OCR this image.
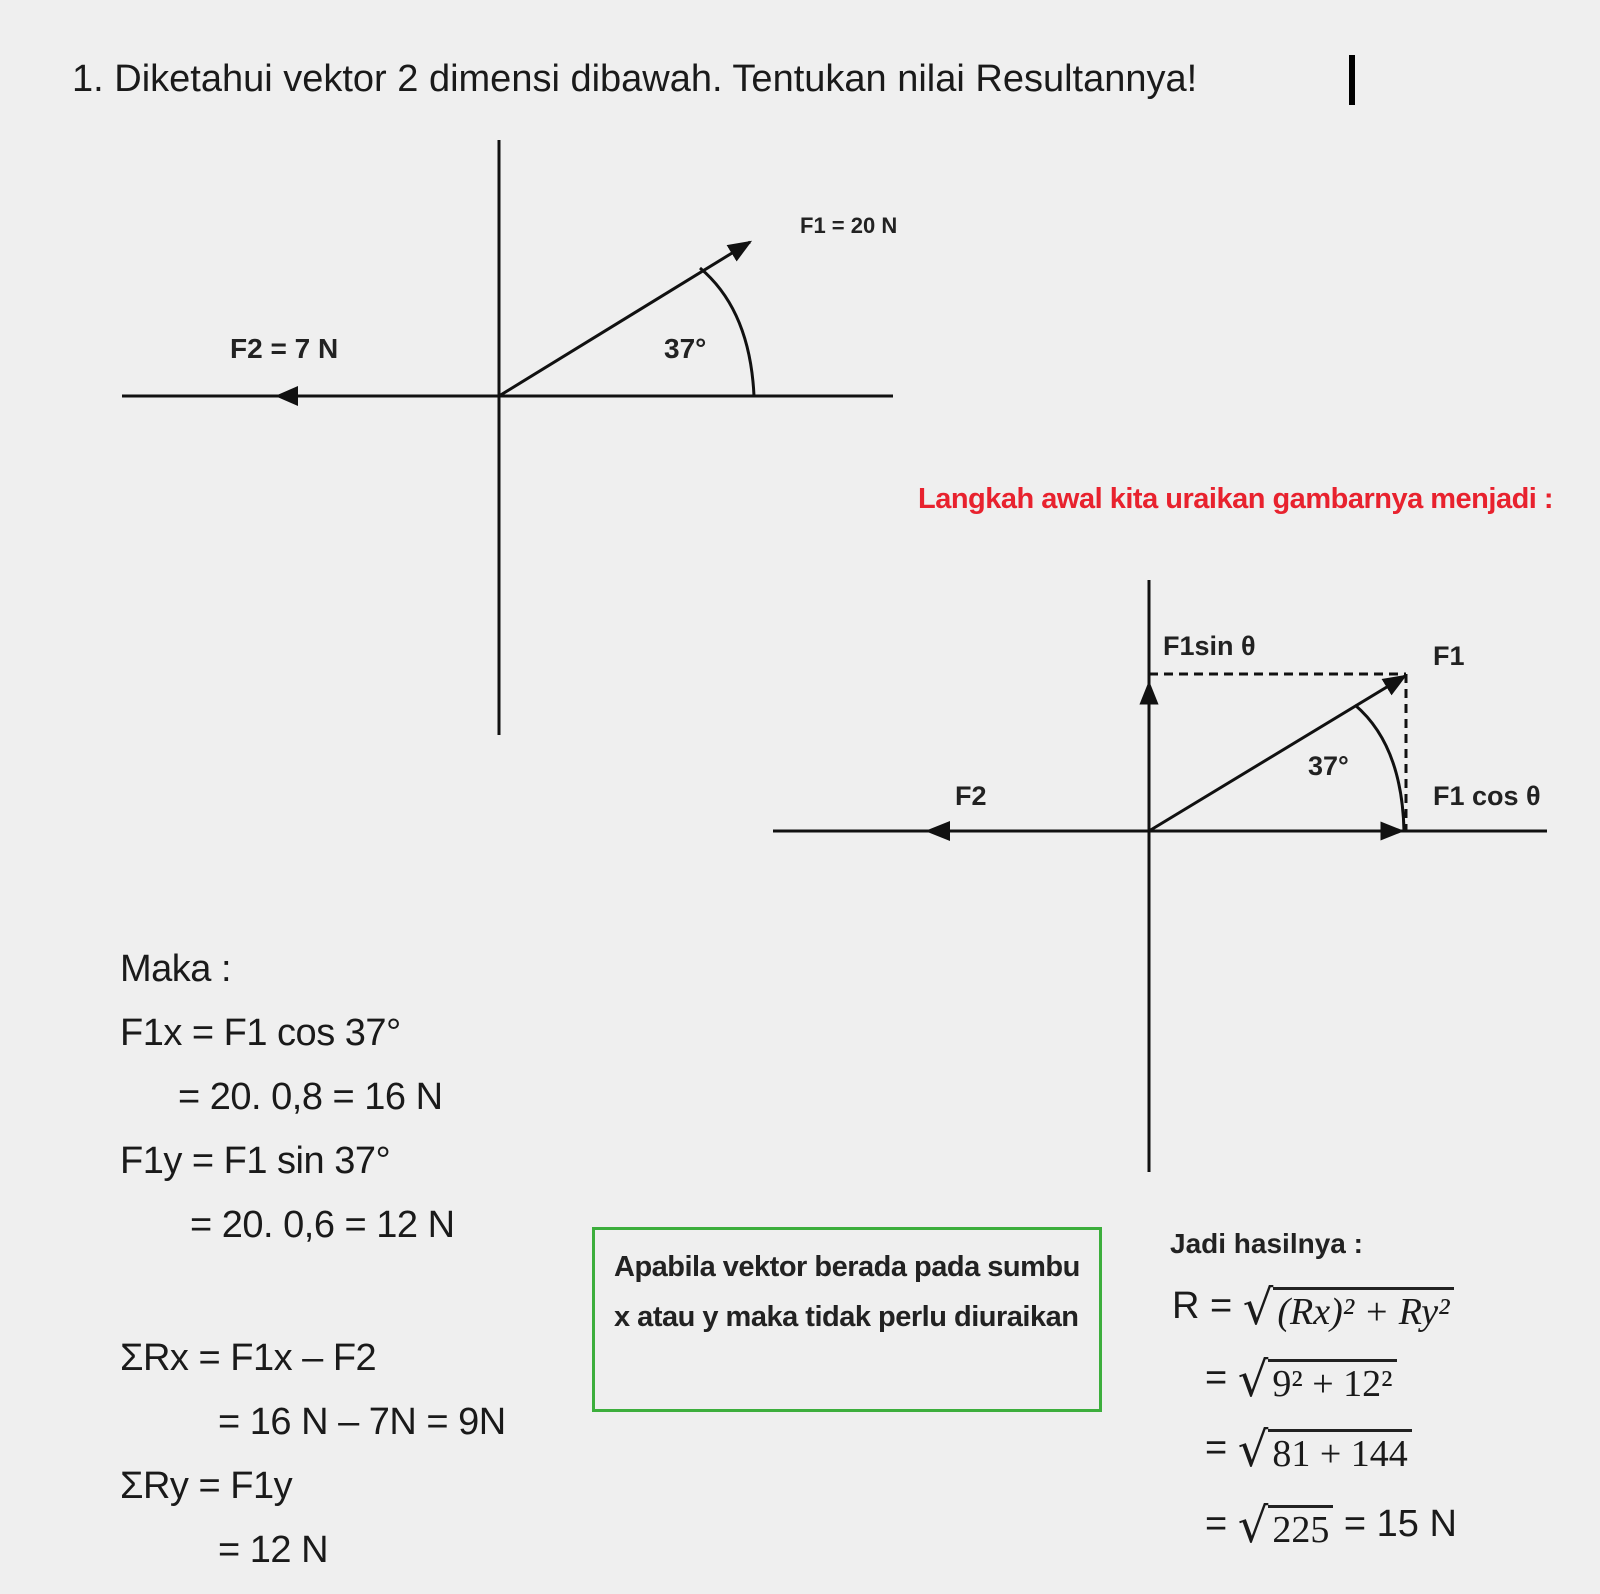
1. Diketahui vektor 2 dimensi dibawah. Tentukan nilai Resultannya!
F1 = 20 N
F2 = 7 N	37°
F1sin θ	F1
F2	F1 cos θ
37°
Langkah awal kita uraikan gambarnya menjadi :
Maka :
F1x = F1 cos 37°
= 20. 0,8 = 16 N
F1y = F1 sin 37°
= 20. 0,6 = 12 N
ΣRx = F1x – F2
= 16 N – 7N = 9N
ΣRy = F1y
= 12 N
Apabila vektor berada pada sumbu x atau y maka tidak perlu diuraikan
Jadi hasilnya :
R = √ (Rx)² + Ry²
= √ 9² + 12²
= √ 81 + 144
= √ 225 = 15 N
